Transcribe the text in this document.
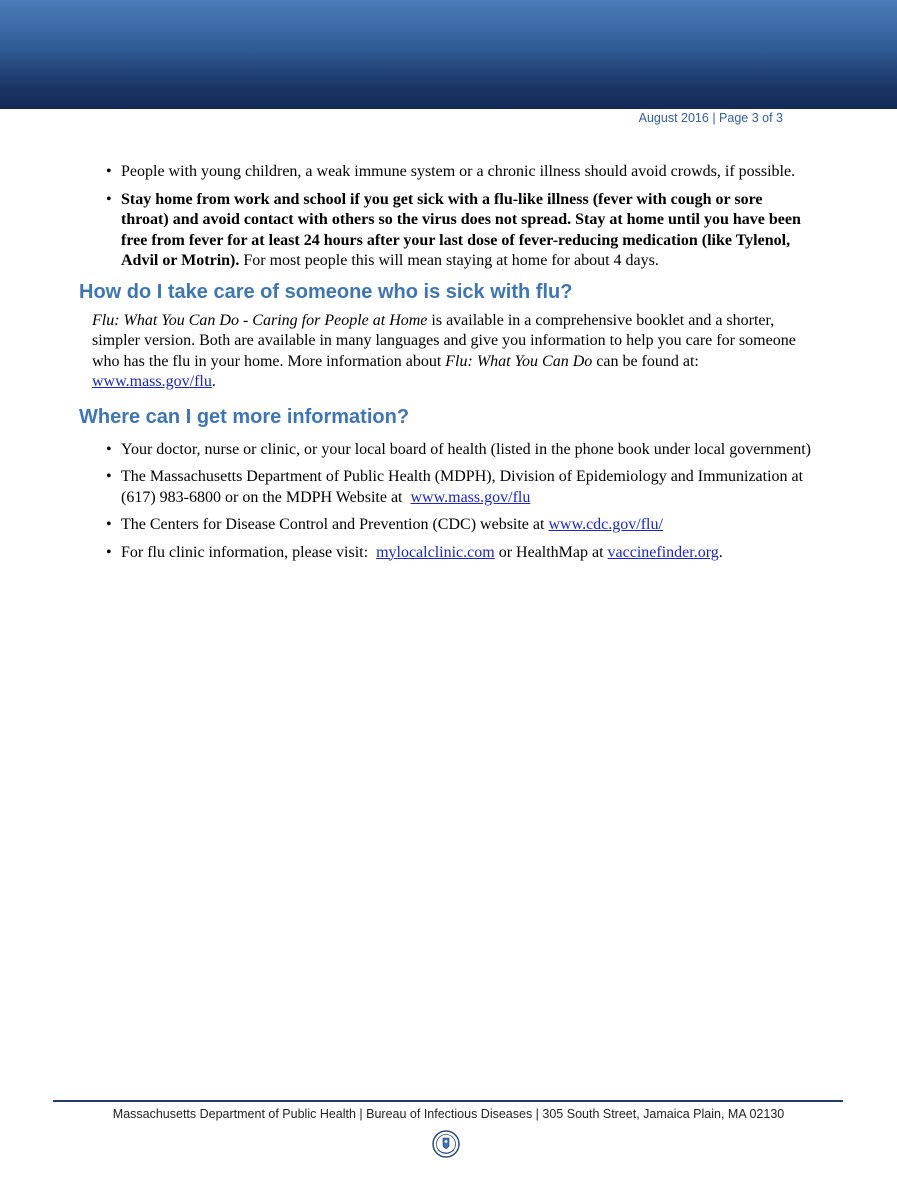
August 2016 | Page 3 of 3
• People with young children, a weak immune system or a chronic illness should avoid crowds, if possible.
• Stay home from work and school if you get sick with a flu-like illness (fever with cough or sore throat) and avoid contact with others so the virus does not spread. Stay at home until you have been free from fever for at least 24 hours after your last dose of fever-reducing medication (like Tylenol, Advil or Motrin). For most people this will mean staying at home for about 4 days.
How do I take care of someone who is sick with flu?

Flu: What You Can Do - Caring for People at Home is available in a comprehensive booklet and a shorter, simpler version. Both are available in many languages and give you information to help you care for someone who has the flu in your home. More information about Flu: What You Can Do can be found at: www.mass.gov/flu.

Where can I get more information?
• Your doctor, nurse or clinic, or your local board of health (listed in the phone book under local government)
• The Massachusetts Department of Public Health (MDPH), Division of Epidemiology and Immunization at (617) 983-6800 or on the MDPH Website at www.mass.gov/flu
• The Centers for Disease Control and Prevention (CDC) website at www.cdc.gov/flu/
• For flu clinic information, please visit: mylocalclinic.com or HealthMap at vaccinefinder.org.
Massachusetts Department of Public Health | Bureau of Infectious Diseases | 305 South Street, Jamaica Plain, MA 02130
